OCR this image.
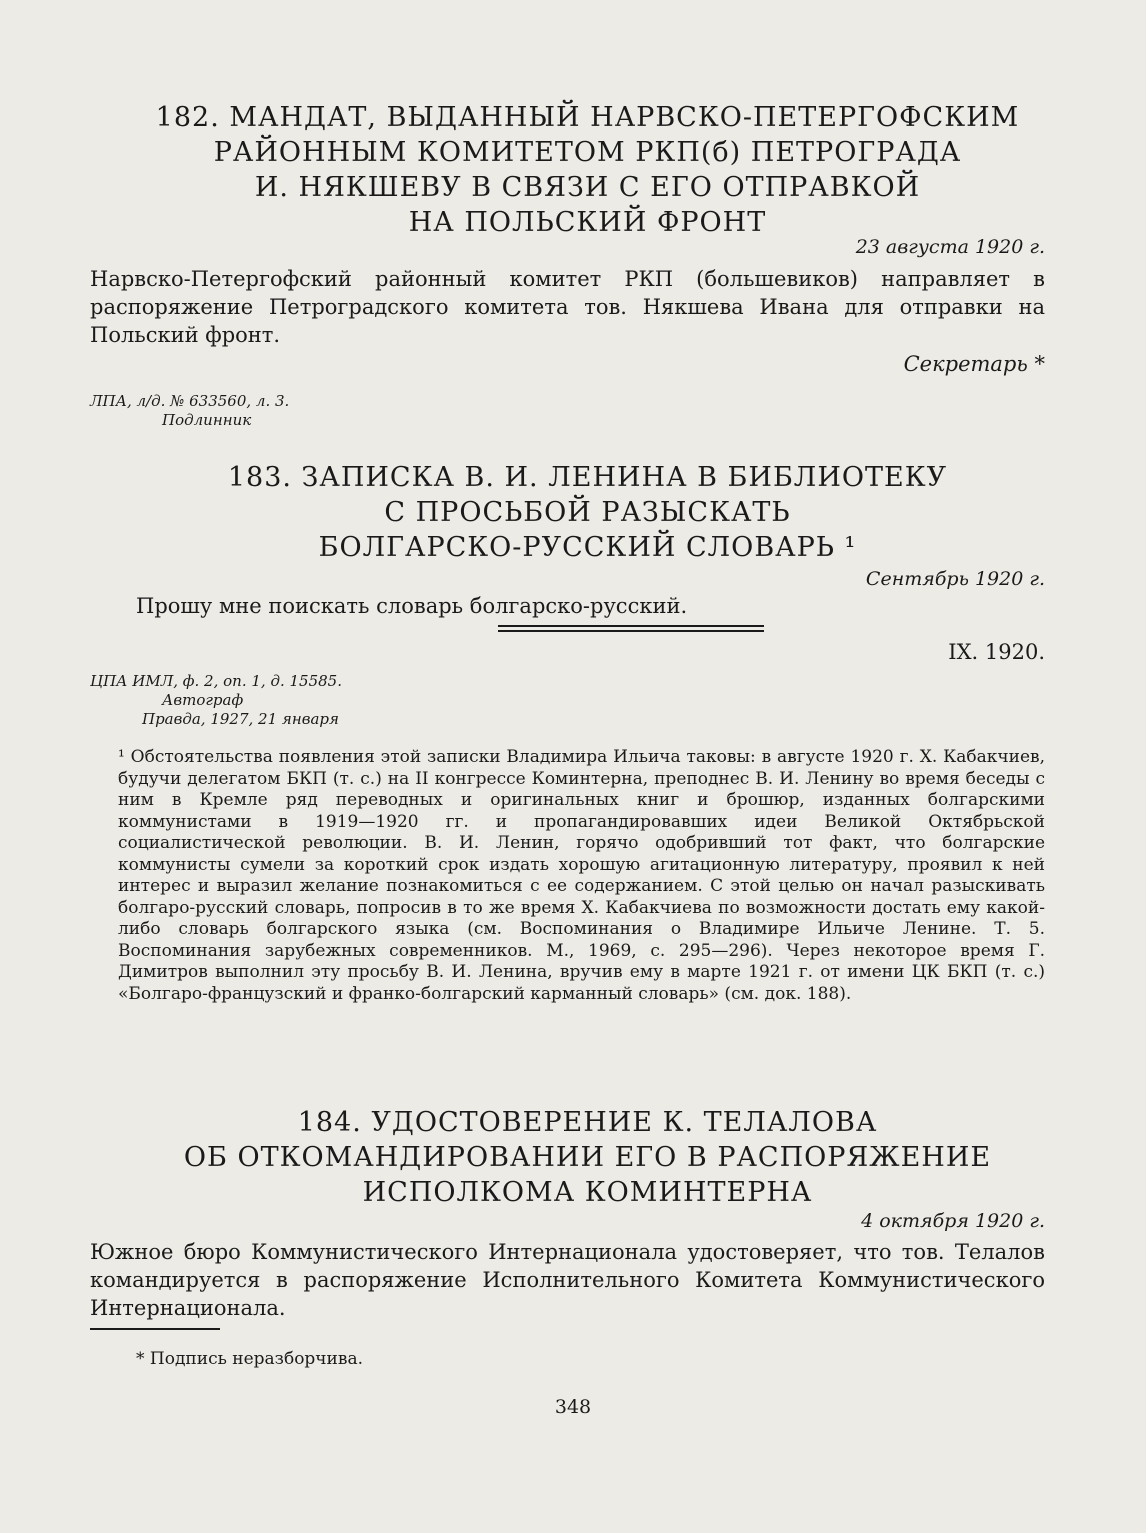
182. МАНДАТ, ВЫДАННЫЙ НАРВСКО-ПЕТЕРГОФСКИМ
РАЙОННЫМ КОМИТЕТОМ РКП(б) ПЕТРОГРАДА
И. НЯКШЕВУ В СВЯЗИ С ЕГО ОТПРАВКОЙ
НА ПОЛЬСКИЙ ФРОНТ
23 августа 1920 г.
Нарвско-Петергофский районный комитет РКП (большевиков) направляет в распоряжение Петроградского комитета тов. Някшева Ивана для отправки на Польский фронт.
Секретарь *
ЛПА, л/д. № 633560, л. 3.
Подлинник
183. ЗАПИСКА В. И. ЛЕНИНА В БИБЛИОТЕКУ
С ПРОСЬБОЙ РАЗЫСКАТЬ
БОЛГАРСКО-РУССКИЙ СЛОВАРЬ ¹
Сентябрь 1920 г.
Прошу мне поискать словарь болгарско-русский.
IX. 1920.
ЦПА ИМЛ, ф. 2, оп. 1, д. 15585.
Автограф
Правда, 1927, 21 января
¹ Обстоятельства появления этой записки Владимира Ильича таковы: в августе 1920 г. Х. Кабакчиев, будучи делегатом БКП (т. с.) на II конгрессе Коминтерна, преподнес В. И. Ленину во время беседы с ним в Кремле ряд переводных и оригинальных книг и брошюр, изданных болгарскими коммунистами в 1919—1920 гг. и пропагандировавших идеи Великой Октябрьской социалистической революции. В. И. Ленин, горячо одобривший тот факт, что болгарские коммунисты сумели за короткий срок издать хорошую агитационную литературу, проявил к ней интерес и выразил желание познакомиться с ее содержанием. С этой целью он начал разыскивать болгаро-русский словарь, попросив в то же время Х. Кабакчиева по возможности достать ему какой-либо словарь болгарского языка (см. Воспоминания о Владимире Ильиче Ленине. Т. 5. Воспоминания зарубежных современников. М., 1969, с. 295—296). Через некоторое время Г. Димитров выполнил эту просьбу В. И. Ленина, вручив ему в марте 1921 г. от имени ЦК БКП (т. с.) «Болгаро-французский и франко-болгарский карманный словарь» (см. док. 188).
184. УДОСТОВЕРЕНИЕ К. ТЕЛАЛОВА
ОБ ОТКОМАНДИРОВАНИИ ЕГО В РАСПОРЯЖЕНИЕ
ИСПОЛКОМА КОМИНТЕРНА
4 октября 1920 г.
Южное бюро Коммунистического Интернационала удостоверяет, что тов. Телалов командируется в распоряжение Исполнительного Комитета Коммунистического Интернационала.
* Подпись неразборчива.
348
